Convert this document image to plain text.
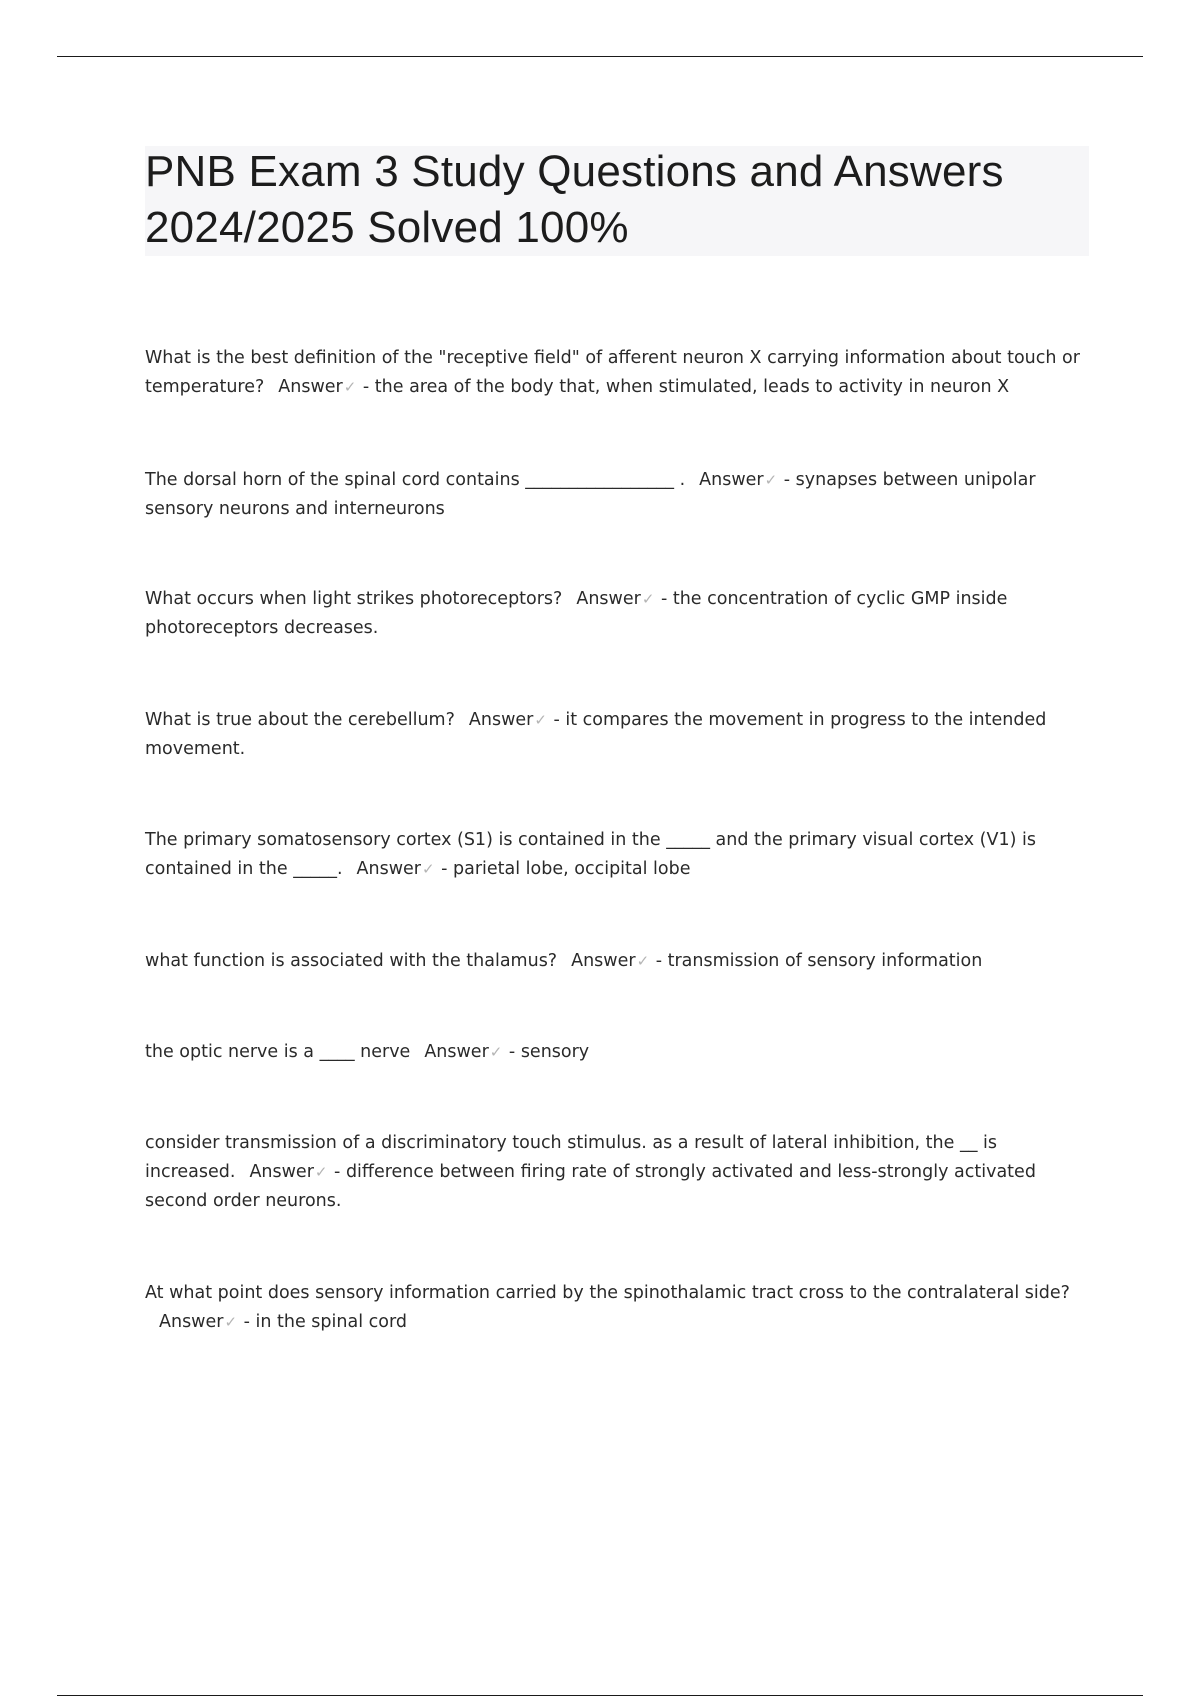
PNB Exam 3 Study Questions and Answers 2024/2025 Solved 100%

What is the best definition of the "receptive field" of afferent neuron X carrying information about touch or temperature? Answer✓ - the area of the body that, when stimulated, leads to activity in neuron X

The dorsal horn of the spinal cord contains _________________ . Answer✓ - synapses between unipolar sensory neurons and interneurons

What occurs when light strikes photoreceptors? Answer✓ - the concentration of cyclic GMP inside photoreceptors decreases.

What is true about the cerebellum? Answer✓ - it compares the movement in progress to the intended movement.

The primary somatosensory cortex (S1) is contained in the _____ and the primary visual cortex (V1) is contained in the _____. Answer✓ - parietal lobe, occipital lobe

what function is associated with the thalamus? Answer✓ - transmission of sensory information

the optic nerve is a ____ nerve Answer✓ - sensory

consider transmission of a discriminatory touch stimulus. as a result of lateral inhibition, the __ is increased. Answer✓ - difference between firing rate of strongly activated and less-strongly activated second order neurons.

At what point does sensory information carried by the spinothalamic tract cross to the contralateral side?Answer✓ - in the spinal cord
